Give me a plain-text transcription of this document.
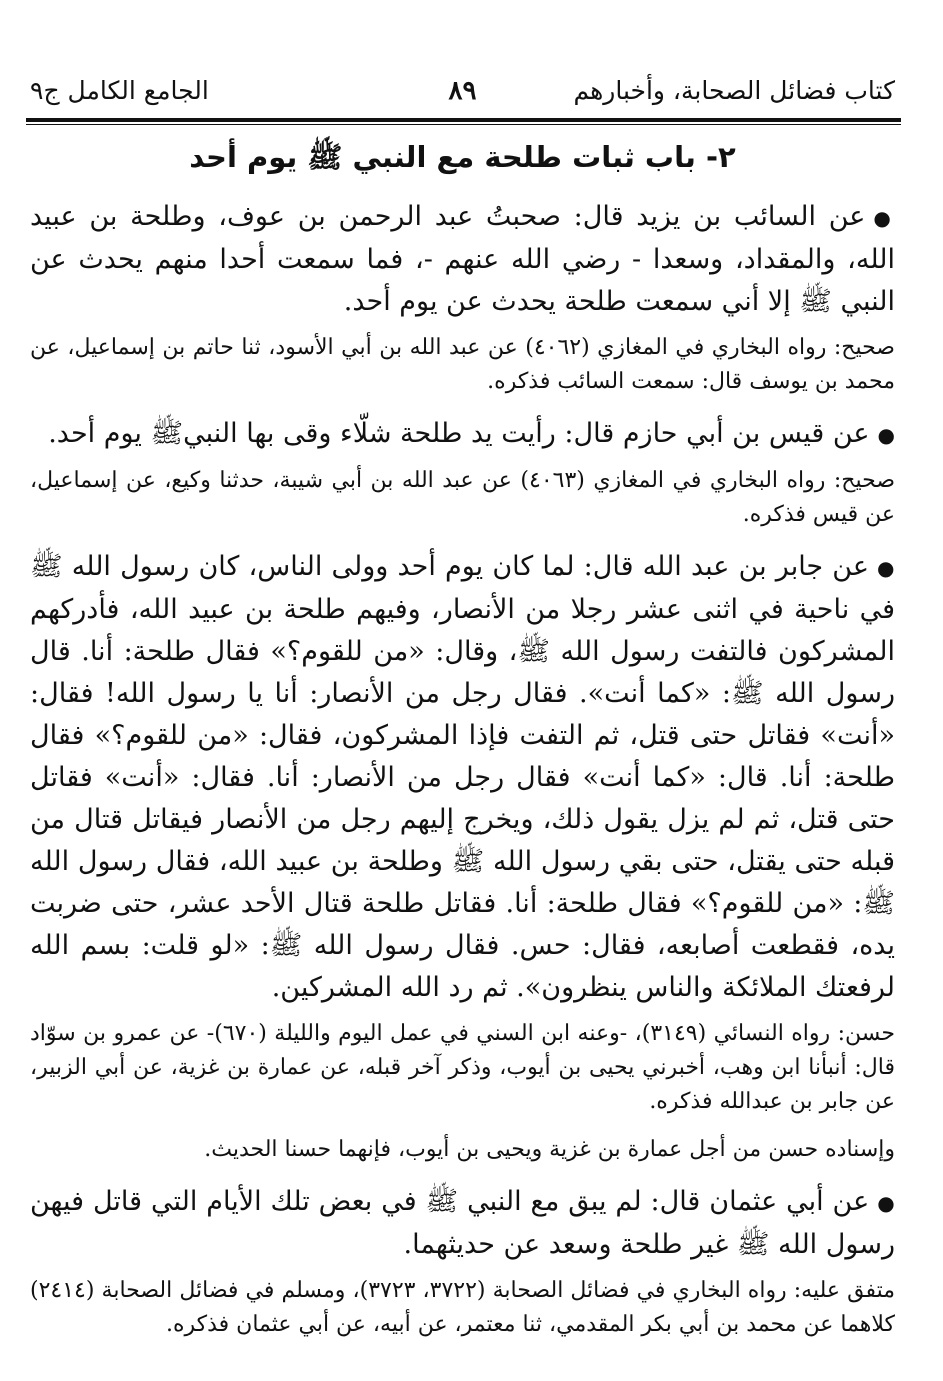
كتاب فضائل الصحابة، وأخبارهم
٨٩
الجامع الكامل ج٩
٢- باب ثبات طلحة مع النبي ﷺ يوم أحد

●عن السائب بن يزيد قال: صحبتُ عبد الرحمن بن عوف، وطلحة بن عبيد الله، والمقداد، وسعدا - رضي الله عنهم -، فما سمعت أحدا منهم يحدث عن النبي ﷺ إلا أني سمعت طلحة يحدث عن يوم أحد.

صحيح: رواه البخاري في المغازي (٤٠٦٢) عن عبد الله بن أبي الأسود، ثنا حاتم بن إسماعيل، عن محمد بن يوسف قال: سمعت السائب فذكره.

●عن قيس بن أبي حازم قال: رأيت يد طلحة شلّاء وقى بها النبيﷺ يوم أحد.

صحيح: رواه البخاري في المغازي (٤٠٦٣) عن عبد الله بن أبي شيبة، حدثنا وكيع، عن إسماعيل، عن قيس فذكره.

●عن جابر بن عبد الله قال: لما كان يوم أحد وولى الناس، كان رسول الله ﷺ في ناحية في اثنى عشر رجلا من الأنصار، وفيهم طلحة بن عبيد الله، فأدركهم المشركون فالتفت رسول الله ﷺ، وقال: «من للقوم؟» فقال طلحة: أنا. قال رسول الله ﷺ: «كما أنت». فقال رجل من الأنصار: أنا يا رسول الله! فقال: «أنت» فقاتل حتى قتل، ثم التفت فإذا المشركون، فقال: «من للقوم؟» فقال طلحة: أنا. قال: «كما أنت» فقال رجل من الأنصار: أنا. فقال: «أنت» فقاتل حتى قتل، ثم لم يزل يقول ذلك، ويخرج إليهم رجل من الأنصار فيقاتل قتال من قبله حتى يقتل، حتى بقي رسول الله ﷺ وطلحة بن عبيد الله، فقال رسول الله ﷺ: «من للقوم؟» فقال طلحة: أنا. فقاتل طلحة قتال الأحد عشر، حتى ضربت يده، فقطعت أصابعه، فقال: حس. فقال رسول الله ﷺ: «لو قلت: بسم الله لرفعتك الملائكة والناس ينظرون». ثم رد الله المشركين.

حسن: رواه النسائي (٣١٤٩)، -وعنه ابن السني في عمل اليوم والليلة (٦٧٠)- عن عمرو بن سوّاد قال: أنبأنا ابن وهب، أخبرني يحيى بن أيوب، وذكر آخر قبله، عن عمارة بن غزية، عن أبي الزبير، عن جابر بن عبدالله فذكره.

وإسناده حسن من أجل عمارة بن غزية ويحيى بن أيوب، فإنهما حسنا الحديث.

●عن أبي عثمان قال: لم يبق مع النبي ﷺ في بعض تلك الأيام التي قاتل فيهن رسول الله ﷺ غير طلحة وسعد عن حديثهما.

متفق عليه: رواه البخاري في فضائل الصحابة (٣٧٢٢، ٣٧٢٣)، ومسلم في فضائل الصحابة (٢٤١٤) كلاهما عن محمد بن أبي بكر المقدمي، ثنا معتمر، عن أبيه، عن أبي عثمان فذكره.
